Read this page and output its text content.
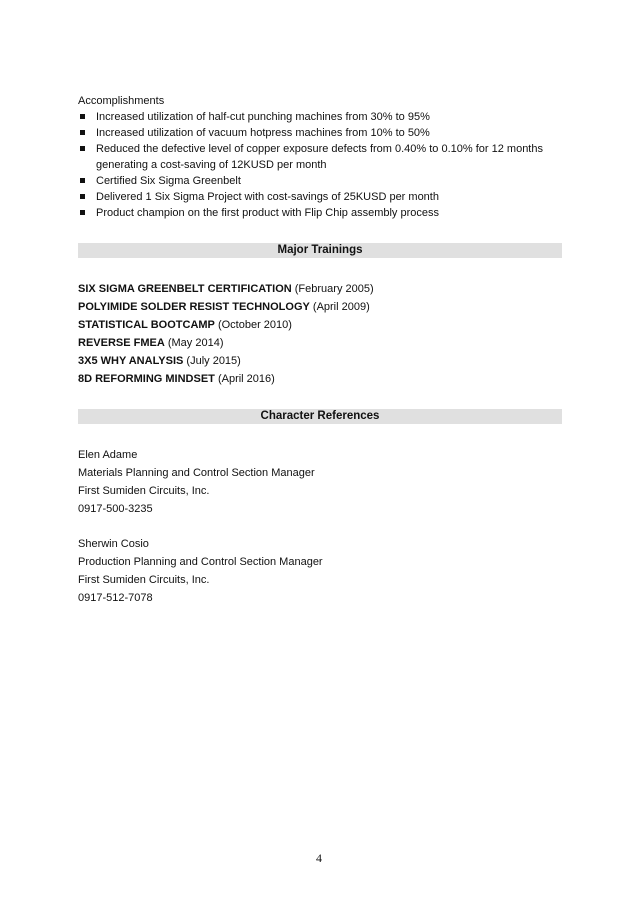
Accomplishments
Increased utilization of half-cut punching machines from 30% to 95%
Increased utilization of vacuum hotpress machines from 10% to 50%
Reduced the defective level of copper exposure defects from 0.40% to 0.10% for 12 months generating a cost-saving of 12KUSD per month
Certified Six Sigma Greenbelt
Delivered 1 Six Sigma Project with cost-savings of 25KUSD per month
Product champion on the first product with Flip Chip assembly process
Major Trainings
SIX SIGMA GREENBELT CERTIFICATION (February 2005)
POLYIMIDE SOLDER RESIST TECHNOLOGY (April 2009)
STATISTICAL BOOTCAMP (October 2010)
REVERSE FMEA (May 2014)
3X5 WHY ANALYSIS (July 2015)
8D REFORMING MINDSET (April 2016)
Character References
Elen Adame
Materials Planning and Control Section Manager
First Sumiden Circuits, Inc.
0917-500-3235
Sherwin Cosio
Production Planning and Control Section Manager
First Sumiden Circuits, Inc.
0917-512-7078
4
